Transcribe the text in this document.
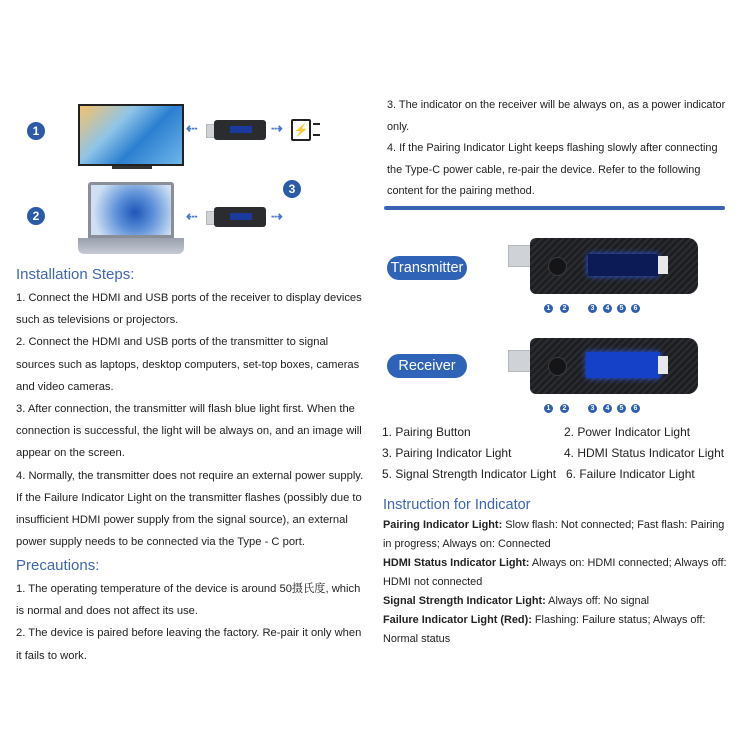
1
2
3
⇠	⇢ ⚡
⇠	⇢
Installation Steps:

1. Connect the HDMI and USB ports of the receiver to display devices

such as televisions or projectors.

2. Connect the HDMI and USB ports of the transmitter to signal

sources such as laptops, desktop computers, set-top boxes, cameras

and video cameras.

3. After connection, the transmitter will flash blue light first. When the

connection is successful, the light will be always on, and an image will

appear on the screen.

4. Normally, the transmitter does not require an external power supply.

If the Failure Indicator Light on the transmitter flashes (possibly due to

insufficient HDMI power supply from the signal source), an external

power supply needs to be connected via the Type - C port.

Precautions:

1. The operating temperature of the device is around 50摄氏度, which

is normal and does not affect its use.

2. The device is paired before leaving the factory. Re-pair it only when

it fails to work.

3. The indicator on the receiver will be always on, as a power indicator

only.

4. If the Pairing Indicator Light keeps flashing slowly after connecting

the Type-C power cable, re-pair the device. Refer to the following

content for the pairing method.

Transmitter
1	2	3	4	5	6
Receiver
1	2	3	4	5	6
1. Pairing Button	2. Power Indicator Light
3. Pairing Indicator Light	4. HDMI Status Indicator Light
5. Signal Strength Indicator Light 6. Failure Indicator Light
Instruction for Indicator
Pairing Indicator Light: Slow flash: Not connected; Fast flash: Pairing
in progress; Always on: Connected
HDMI Status Indicator Light: Always on: HDMI connected; Always off:
HDMI not connected
Signal Strength Indicator Light: Always off: No signal
Failure Indicator Light (Red): Flashing: Failure status; Always off:
Normal status
